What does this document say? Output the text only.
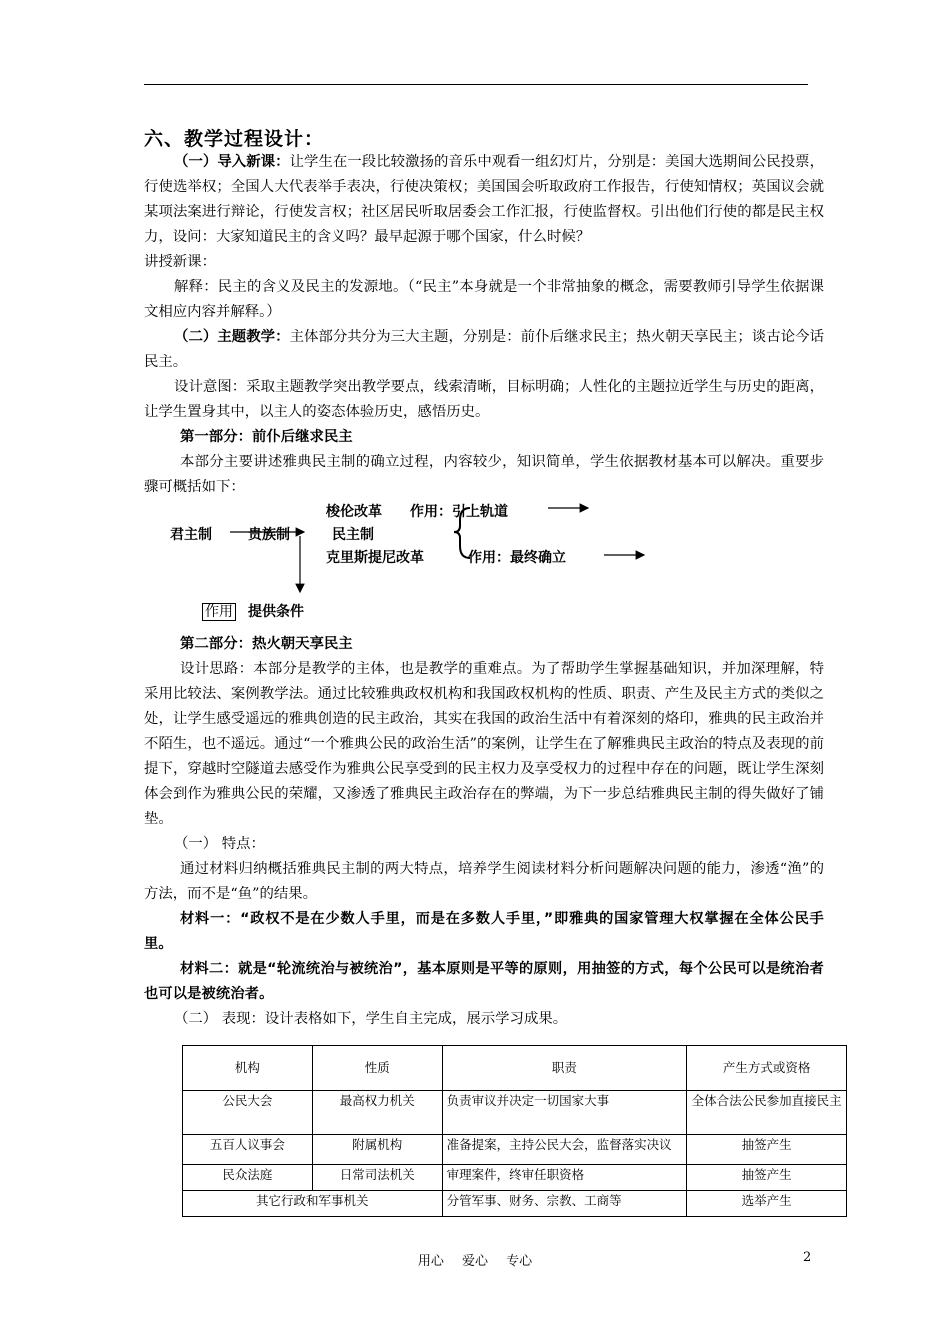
六、教学过程设计：

（一）导入新课：让学生在一段比较激扬的音乐中观看一组幻灯片，分别是：美国大选期间公民投票，行使选举权；全国人大代表举手表决，行使决策权；美国国会听取政府工作报告，行使知情权；英国议会就某项法案进行辩论，行使发言权；社区居民听取居委会工作汇报，行使监督权。引出他们行使的都是民主权力，设问：大家知道民主的含义吗？最早起源于哪个国家，什么时候？

讲授新课：

解释：民主的含义及民主的发源地。（“民主”本身就是一个非常抽象的概念，需要教师引导学生依据课文相应内容并解释。）

（二）主题教学：主体部分共分为三大主题，分别是：前仆后继求民主；热火朝天享民主；谈古论今话民主。

设计意图：采取主题教学突出教学要点，线索清晰，目标明确；人性化的主题拉近学生与历史的距离，让学生置身其中，以主人的姿态体验历史，感悟历史。

第一部分：前仆后继求民主

本部分主要讲述雅典民主制的确立过程，内容较少，知识简单，学生依据教材基本可以解决。重要步骤可概括如下：

梭伦改革 作用：引上轨道
君主制	贵族制	民主制
克里斯提尼改革	作用：最终确立
作用 提供条件

第二部分：热火朝天享民主

设计思路：本部分是教学的主体，也是教学的重难点。为了帮助学生掌握基础知识，并加深理解，特采用比较法、案例教学法。通过比较雅典政权机构和我国政权机构的性质、职责、产生及民主方式的类似之处，让学生感受遥远的雅典创造的民主政治，其实在我国的政治生活中有着深刻的烙印，雅典的民主政治并不陌生，也不遥远。通过“一个雅典公民的政治生活”的案例，让学生在了解雅典民主政治的特点及表现的前提下，穿越时空隧道去感受作为雅典公民享受到的民主权力及享受权力的过程中存在的问题，既让学生深刻体会到作为雅典公民的荣耀，又渗透了雅典民主政治存在的弊端，为下一步总结雅典民主制的得失做好了铺垫。

（一） 特点：

通过材料归纳概括雅典民主制的两大特点，培养学生阅读材料分析问题解决问题的能力，渗透“渔”的方法，而不是“鱼”的结果。

材料一：“政权不是在少数人手里，而是在多数人手里，”即雅典的国家管理大权掌握在全体公民手里。

材料二：就是“轮流统治与被统治”，基本原则是平等的原则，用抽签的方式，每个公民可以是统治者也可以是被统治者。

（二） 表现：设计表格如下，学生自主完成，展示学习成果。

机构	性质	职责	产生方式或资格
公民大会	最高权力机关	负责审议并决定一切国家大事	全体合法公民参加直接民主
五百人议事会	附属机构	准备提案，主持公民大会，监督落实决议	抽签产生
民众法庭	日常司法机关	审理案件，终审任职资格	抽签产生
其它行政和军事机关		分管军事、财务、宗教、工商等	选举产生
用心 爱心 专心	2
